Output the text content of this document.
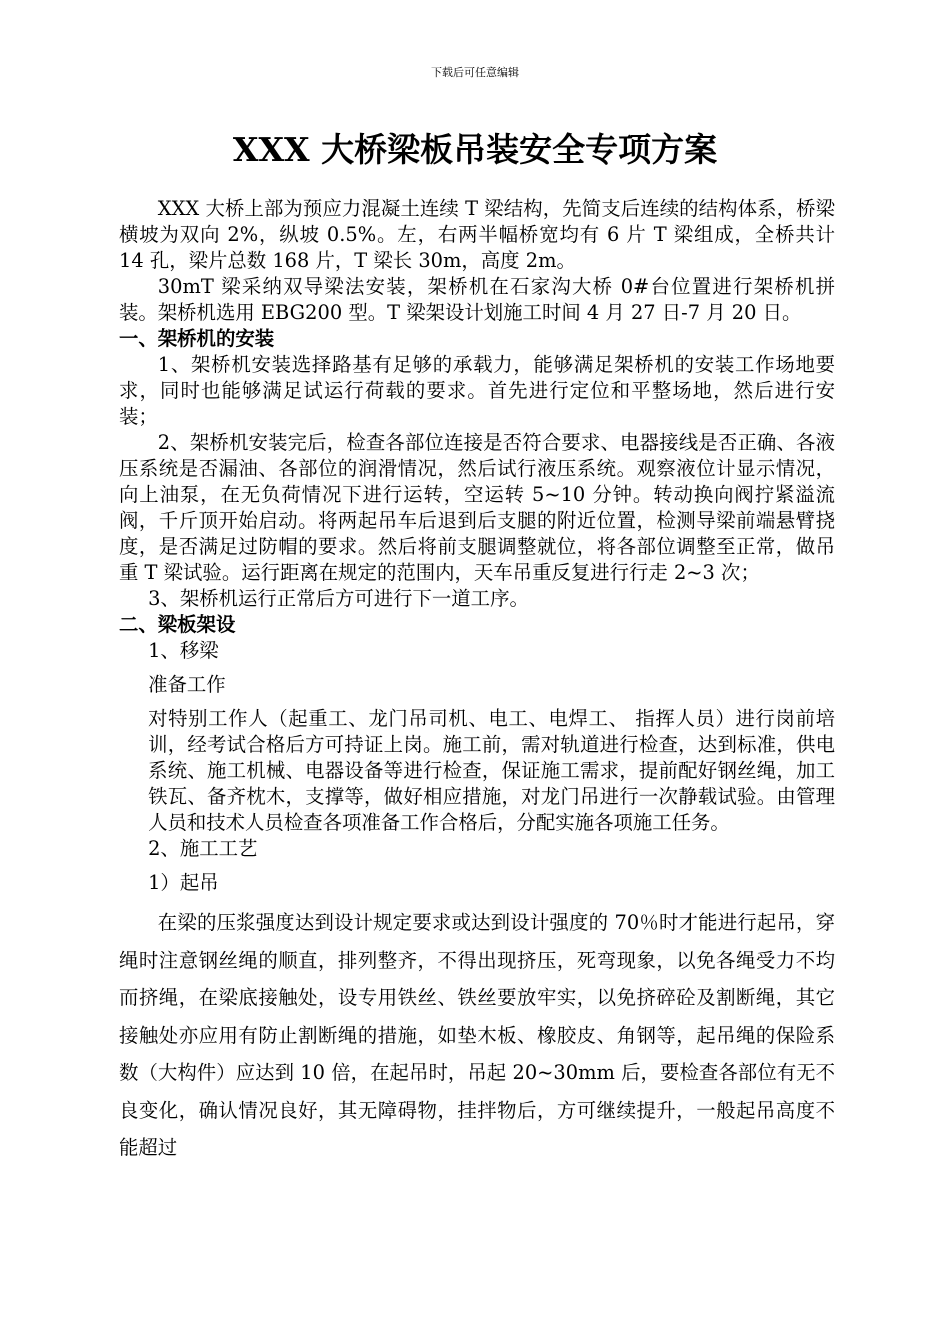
下载后可任意编辑
XXX 大桥梁板吊装安全专项方案

XXX 大桥上部为预应力混凝土连续 T 梁结构，先简支后连续的结构体系，桥梁横坡为双向 2%，纵坡 0.5%。左，右两半幅桥宽均有 6 片 T 梁组成，全桥共计 14 孔，梁片总数 168 片，T 梁长 30m，高度 2m。

30mT 梁采纳双导梁法安装，架桥机在石家沟大桥 0#台位置进行架桥机拼装。架桥机选用 EBG200 型。T 梁架设计划施工时间 4 月 27 日-7 月 20 日。

一、架桥机的安装

1、架桥机安装选择路基有足够的承载力，能够满足架桥机的安装工作场地要求，同时也能够满足试运行荷载的要求。首先进行定位和平整场地，然后进行安装；

2、架桥机安装完后，检查各部位连接是否符合要求、电器接线是否正确、各液压系统是否漏油、各部位的润滑情况，然后试行液压系统。观察液位计显示情况，向上油泵，在无负荷情况下进行运转，空运转 5~10 分钟。转动换向阀拧紧溢流阀，千斤顶开始启动。将两起吊车后退到后支腿的附近位置，检测导梁前端悬臂挠度，是否满足过防帽的要求。然后将前支腿调整就位，将各部位调整至正常，做吊重 T 梁试验。运行距离在规定的范围内，天车吊重反复进行行走 2~3 次；

3、架桥机运行正常后方可进行下一道工序。

二、梁板架设

1、移梁

准备工作

对特别工作人（起重工、龙门吊司机、电工、电焊工、 指挥人员）进行岗前培训，经考试合格后方可持证上岗。施工前，需对轨道进行检查，达到标准，供电系统、施工机械、电器设备等进行检查，保证施工需求，提前配好钢丝绳，加工铁瓦、备齐枕木，支撑等，做好相应措施，对龙门吊进行一次静载试验。由管理人员和技术人员检查各项准备工作合格后，分配实施各项施工任务。

2、施工工艺

1）起吊

在梁的压浆强度达到设计规定要求或达到设计强度的 70％时才能进行起吊，穿绳时注意钢丝绳的顺直，排列整齐，不得出现挤压，死弯现象，以免各绳受力不均而挤绳，在梁底接触处，设专用铁丝、铁丝要放牢实，以免挤碎砼及割断绳，其它接触处亦应用有防止割断绳的措施，如垫木板、橡胶皮、角钢等，起吊绳的保险系数（大构件）应达到 10 倍，在起吊时，吊起 20~30mm 后，要检查各部位有无不良变化，确认情况良好，其无障碍物，挂拌物后，方可继续提升，一般起吊高度不能超过
